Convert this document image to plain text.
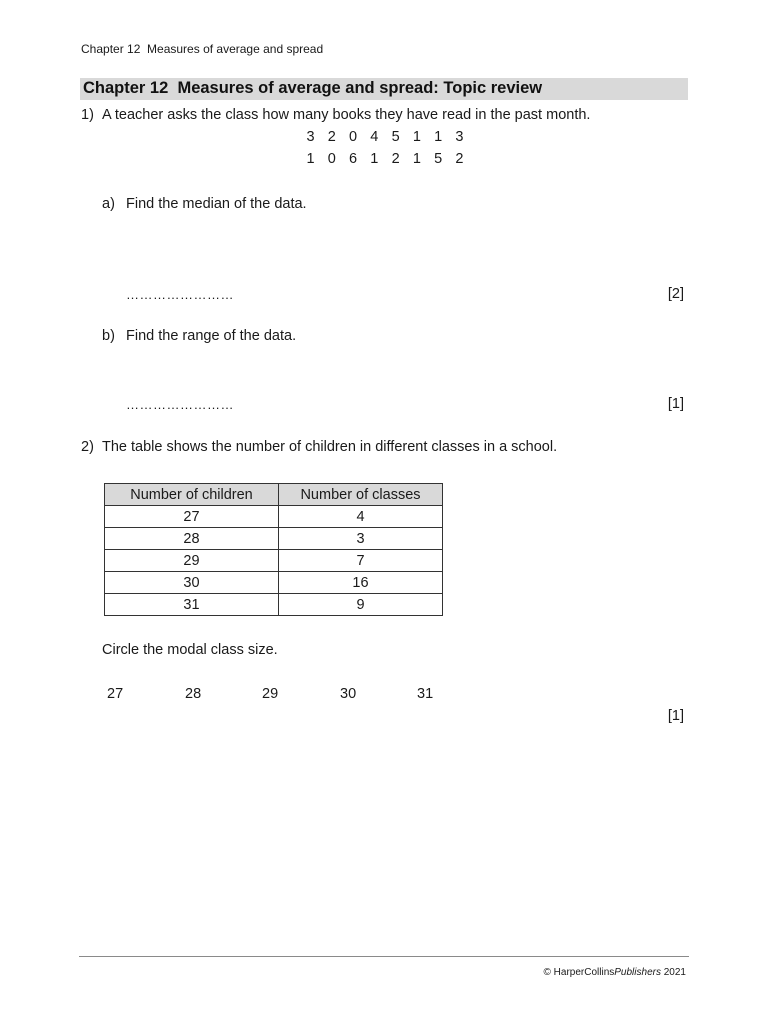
Chapter 12  Measures of average and spread
Chapter 12  Measures of average and spread: Topic review
1) A teacher asks the class how many books they have read in the past month.
3 2 0 4 5 1 1 3
1 0 6 1 2 1 5 2
a) Find the median of the data.
……………………	[2]
b) Find the range of the data.
……………………	[1]
2) The table shows the number of children in different classes in a school.
Number of children	Number of classes
27	4
28	3
29	7
30	16
31	9
Circle the modal class size.
27	28	29	30	31
[1]
© HarperCollinsPublishers 2021
